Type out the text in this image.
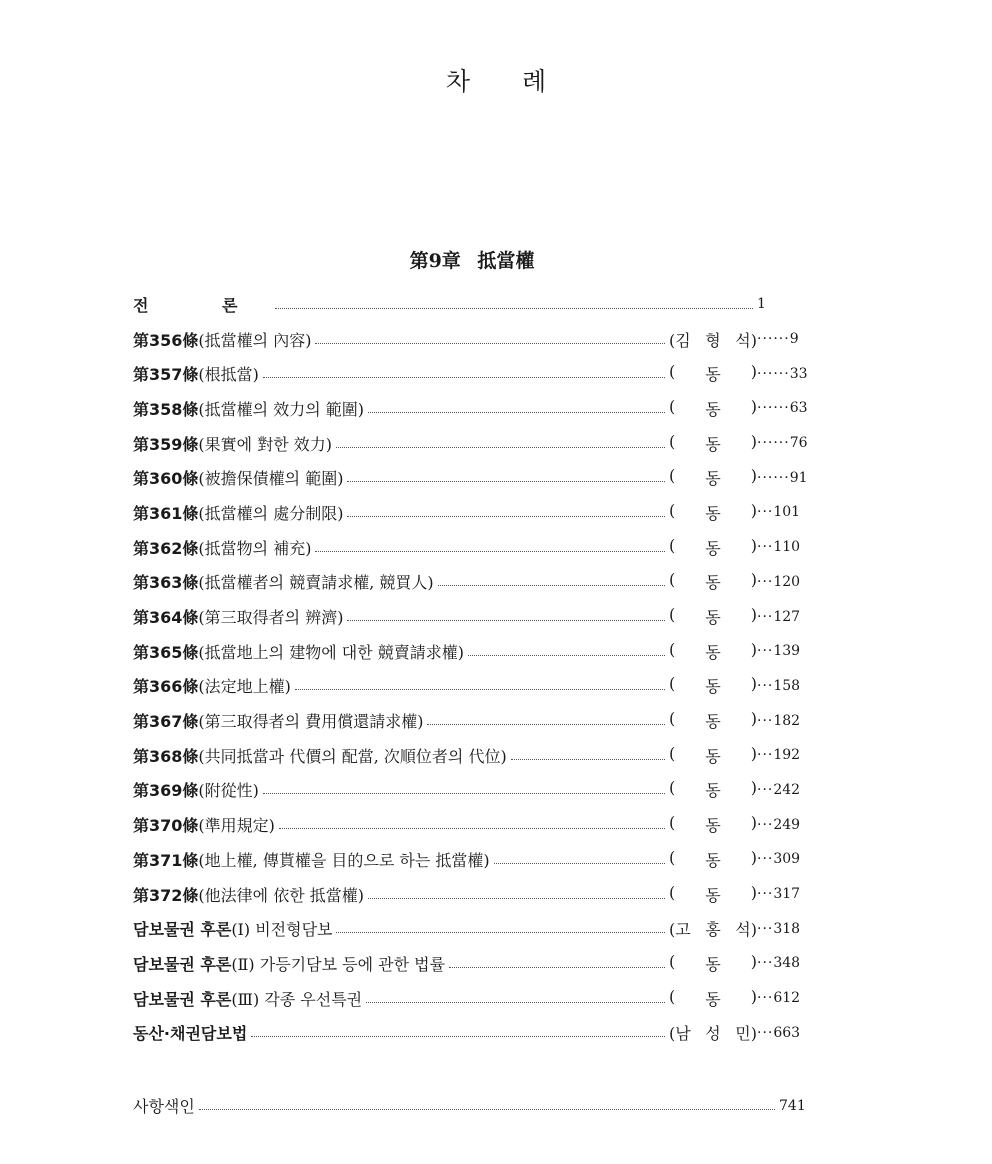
차 례
第9章 抵當權
전 론	1
第356條(抵當權의 內容)	(김 형 석) ······9
第357條(根抵當)	( 동 ) ······33
第358條(抵當權의 效力의 範圍)	( 동 ) ······63
第359條(果實에 對한 效力)	( 동 ) ······76
第360條(被擔保債權의 範圍)	( 동 ) ······91
第361條(抵當權의 處分制限)	( 동 ) ···101
第362條(抵當物의 補充)	( 동 ) ···110
第363條(抵當權者의 競賣請求權, 競買人)	( 동 ) ···120
第364條(第三取得者의 辨濟)	( 동 ) ···127
第365條(抵當地上의 建物에 대한 競賣請求權)	( 동 ) ···139
第366條(法定地上權)	( 동 ) ···158
第367條(第三取得者의 費用償還請求權)	( 동 ) ···182
第368條(共同抵當과 代價의 配當, 次順位者의 代位)	( 동 ) ···192
第369條(附從性)	( 동 ) ···242
第370條(準用規定)	( 동 ) ···249
第371條(地上權, 傳貰權을 目的으로 하는 抵當權)	( 동 ) ···309
第372條(他法律에 依한 抵當權)	( 동 ) ···317
담보물권 후론(Ⅰ) 비전형담보	(고 홍 석) ···318
담보물권 후론(Ⅱ) 가등기담보 등에 관한 법률	( 동 ) ···348
담보물권 후론(Ⅲ) 각종 우선특권	( 동 ) ···612
동산·채권담보법	(남 성 민) ···663
사항색인	741
